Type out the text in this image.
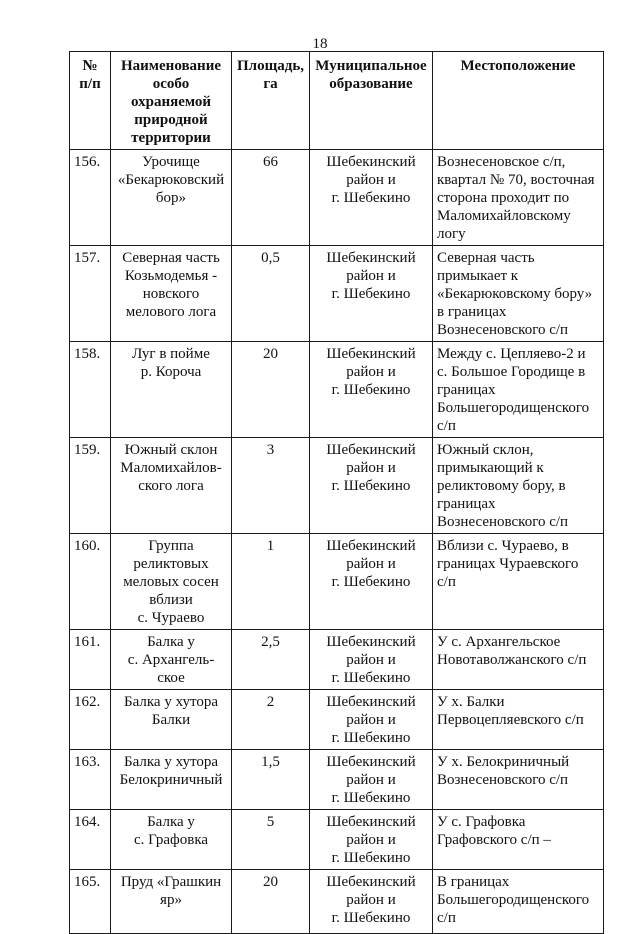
18
№
п/п	Наименование
особо
охраняемой
природной
территории	Площадь,
га	Муниципальное
образование	Местоположение
156.	Урочище
«Бекарюковский
бор»	66	Шебекинский
район и
г. Шебекино	Вознесеновское с/п,
квартал № 70, восточная
сторона проходит по
Маломихайловскому
логу
157.	Северная часть
Козьмодемья -
новского
мелового лога	0,5	Шебекинский
район и
г. Шебекино	Северная часть
примыкает к
«Бекарюковскому бору»
в границах
Вознесеновского с/п
158.	Луг в пойме
р. Короча	20	Шебекинский
район и
г. Шебекино	Между с. Цепляево-2 и
с. Большое Городище в
границах
Большегородищенского
с/п
159.	Южный склон
Маломихайлов-
ского лога	3	Шебекинский
район и
г. Шебекино	Южный склон,
примыкающий к
реликтовому бору, в
границах
Вознесеновского с/п
160.	Группа
реликтовых
меловых сосен
вблизи
с. Чураево	1	Шебекинский
район и
г. Шебекино	Вблизи с. Чураево, в
границах Чураевского
с/п
161.	Балка у
с. Архангель-
ское	2,5	Шебекинский
район и
г. Шебекино	У с. Архангельское
Новотаволжанского с/п
162.	Балка у хутора
Балки	2	Шебекинский
район и
г. Шебекино	У х. Балки
Первоцепляевского с/п
163.	Балка у хутора
Белокриничный	1,5	Шебекинский
район и
г. Шебекино	У х. Белокриничный
Вознесеновского с/п
164.	Балка у
с. Графовка	5	Шебекинский
район и
г. Шебекино	У с. Графовка
Графовского с/п –
165.	Пруд «Грашкин
яр»	20	Шебекинский
район и
г. Шебекино	В границах
Большегородищенского
с/п
